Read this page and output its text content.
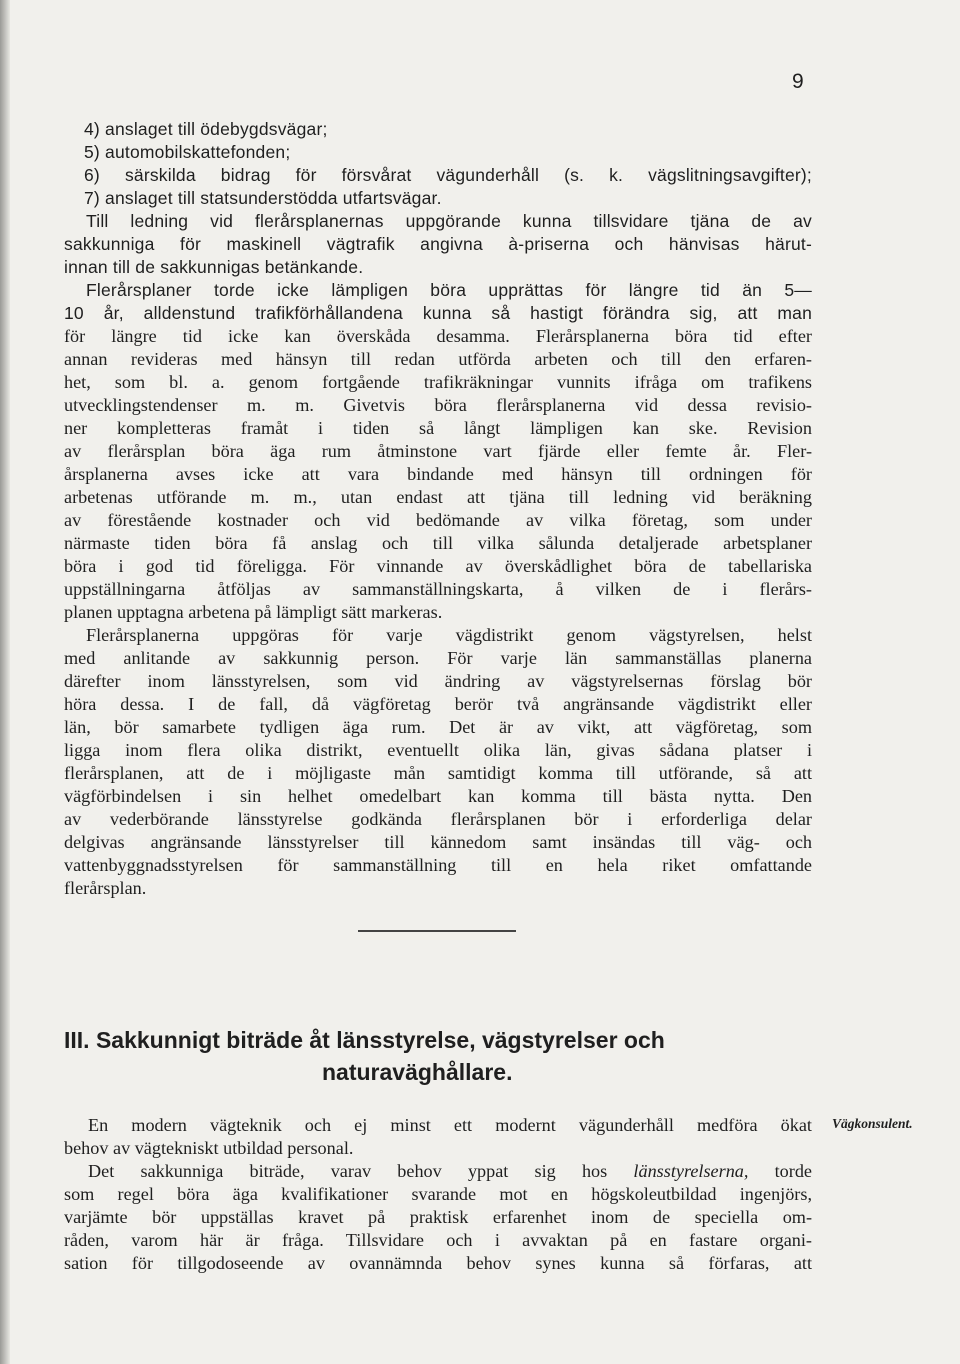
9
4) anslaget till ödebygdsvägar;
5) automobilskattefonden;
6) särskilda bidrag för försvårat vägunderhåll (s. k. vägslitningsavgifter);
7) anslaget till statsunderstödda utfartsvägar.
Till ledning vid flerårsplanernas uppgörande kunna tillsvidare tjäna de av
sakkunniga för maskinell vägtrafik angivna à-priserna och hänvisas härut-
innan till de sakkunnigas betänkande.
Flerårsplaner torde icke lämpligen böra upprättas för längre tid än 5—
10 år, alldenstund trafikförhållandena kunna så hastigt förändra sig, att man
för längre tid icke kan överskåda desamma. Flerårsplanerna böra tid efter
annan revideras med hänsyn till redan utförda arbeten och till den erfaren-
het, som bl. a. genom fortgående trafikräkningar vunnits ifråga om trafikens
utvecklingstendenser m. m. Givetvis böra flerårsplanerna vid dessa revisio-
ner kompletteras framåt i tiden så långt lämpligen kan ske. Revision
av flerårsplan böra äga rum åtminstone vart fjärde eller femte år. Fler-
årsplanerna avses icke att vara bindande med hänsyn till ordningen för
arbetenas utförande m. m., utan endast att tjäna till ledning vid beräkning
av förestående kostnader och vid bedömande av vilka företag, som under
närmaste tiden böra få anslag och till vilka sålunda detaljerade arbetsplaner
böra i god tid föreligga. För vinnande av överskådlighet böra de tabellariska
uppställningarna åtföljas av sammanställningskarta, å vilken de i flerårs-
planen upptagna arbetena på lämpligt sätt markeras.
Flerårsplanerna uppgöras för varje vägdistrikt genom vägstyrelsen, helst
med anlitande av sakkunnig person. För varje län sammanställas planerna
därefter inom länsstyrelsen, som vid ändring av vägstyrelsernas förslag bör
höra dessa. I de fall, då vägföretag berör två angränsande vägdistrikt eller
län, bör samarbete tydligen äga rum. Det är av vikt, att vägföretag, som
ligga inom flera olika distrikt, eventuellt olika län, givas sådana platser i
flerårsplanen, att de i möjligaste mån samtidigt komma till utförande, så att
vägförbindelsen i sin helhet omedelbart kan komma till bästa nytta. Den
av vederbörande länsstyrelse godkända flerårsplanen bör i erforderliga delar
delgivas angränsande länsstyrelser till kännedom samt insändas till väg- och
vattenbyggnadsstyrelsen för sammanställning till en hela riket omfattande
flerårsplan.
III. Sakkunnigt biträde åt länsstyrelse, vägstyrelser och
naturaväghållare.
Vägkonsulent.
En modern vägteknik och ej minst ett modernt vägunderhåll medföra ökat
behov av vägtekniskt utbildad personal.
Det sakkunniga biträde, varav behov yppat sig hos länsstyrelserna, torde
som regel böra äga kvalifikationer svarande mot en högskoleutbildad ingenjörs,
varjämte bör uppställas kravet på praktisk erfarenhet inom de speciella om-
råden, varom här är fråga. Tillsvidare och i avvaktan på en fastare organi-
sation för tillgodoseende av ovannämnda behov synes kunna så förfaras, att
